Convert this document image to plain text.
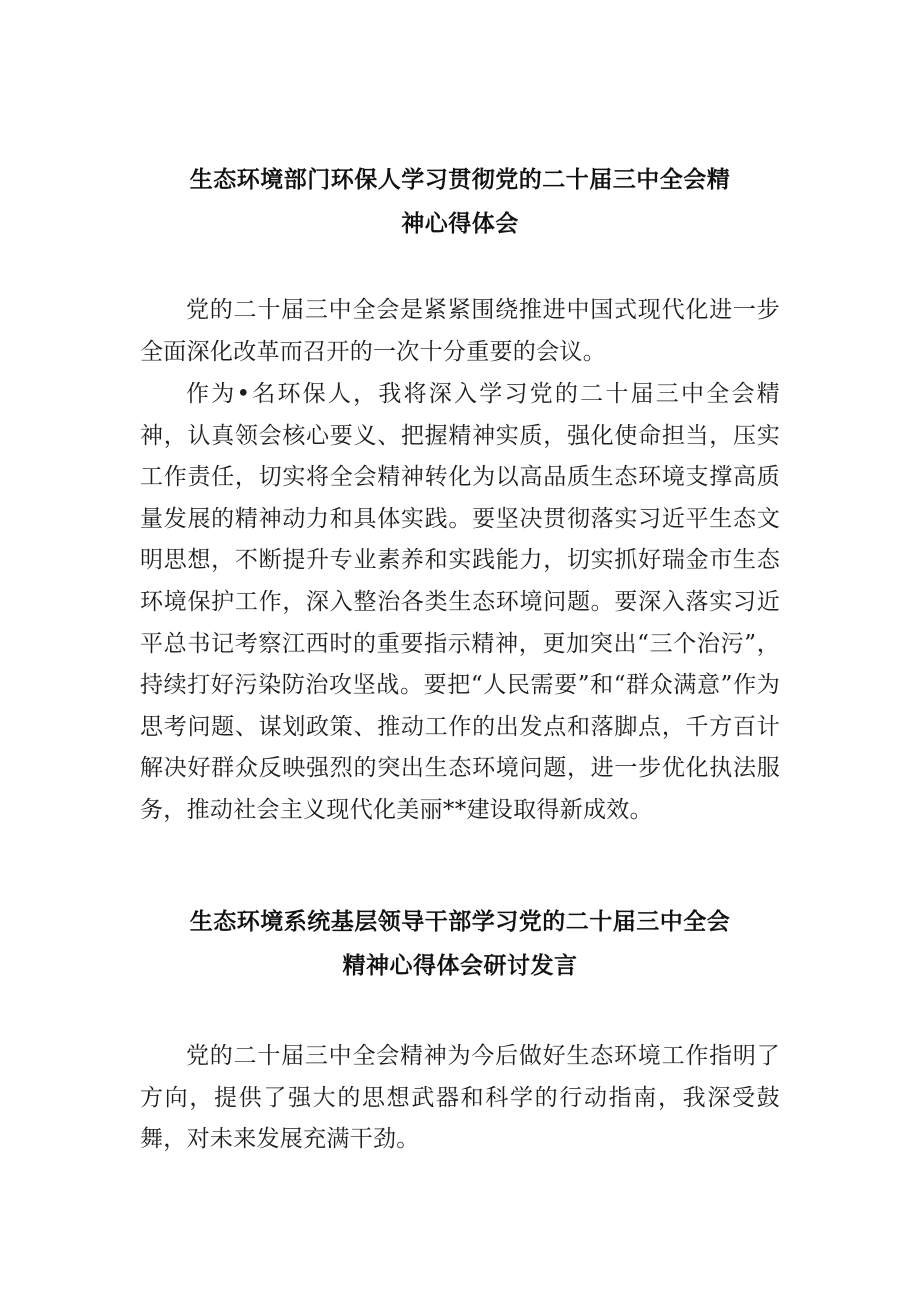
生态环境部门环保人学习贯彻党的二十届三中全会精
神心得体会

党的二十届三中全会是紧紧围绕推进中国式现代化进一步全面深化改革而召开的一次十分重要的会议。

作为•名环保人，我将深入学习党的二十届三中全会精神，认真领会核心要义、把握精神实质，强化使命担当，压实工作责任，切实将全会精神转化为以高品质生态环境支撑高质量发展的精神动力和具体实践。要坚决贯彻落实习近平生态文明思想，不断提升专业素养和实践能力，切实抓好瑞金市生态环境保护工作，深入整治各类生态环境问题。要深入落实习近平总书记考察江西时的重要指示精神，更加突出“三个治污”，持续打好污染防治攻坚战。要把“人民需要”和“群众满意”作为思考问题、谋划政策、推动工作的出发点和落脚点，千方百计解决好群众反映强烈的突出生态环境问题，进一步优化执法服务，推动社会主义现代化美丽**建设取得新成效。

生态环境系统基层领导干部学习党的二十届三中全会
精神心得体会研讨发言

党的二十届三中全会精神为今后做好生态环境工作指明了方向，提供了强大的思想武器和科学的行动指南，我深受鼓舞，对未来发展充满干劲。
